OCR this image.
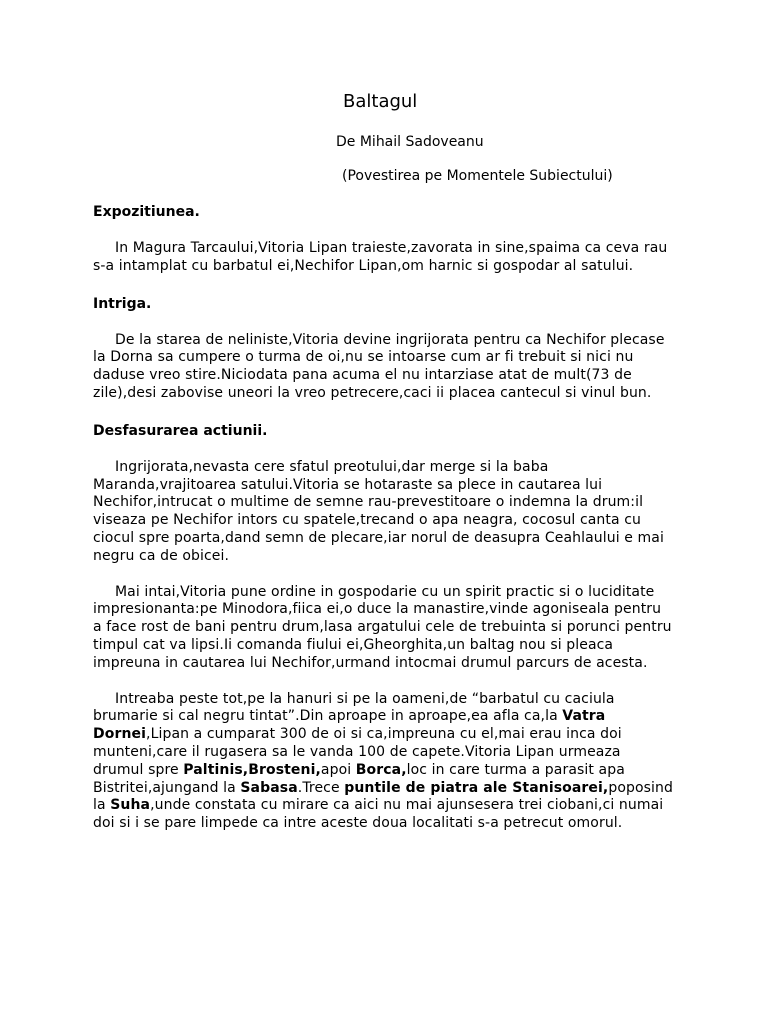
Baltagul
De Mihail Sadoveanu
(Povestirea pe Momentele Subiectului)
Expozitiunea.

In Magura Tarcaului,Vitoria Lipan traieste,zavorata in sine,spaima ca ceva rau s-a intamplat cu barbatul ei,Nechifor Lipan,om harnic si gospodar al satului.

Intriga.

De la starea de neliniste,Vitoria devine ingrijorata pentru ca Nechifor plecase la Dorna sa cumpere o turma de oi,nu se intoarse cum ar fi trebuit si nici nu daduse vreo stire.Niciodata pana acuma el nu intarziase atat de mult(73 de zile),desi zabovise uneori la vreo petrecere,caci ii placea cantecul si vinul bun.

Desfasurarea actiunii.

Ingrijorata,nevasta cere sfatul preotului,dar merge si la baba Maranda,vrajitoarea satului.Vitoria se hotaraste sa plece in cautarea lui Nechifor,intrucat o multime de semne rau-prevestitoare o indemna la drum:il viseaza pe Nechifor intors cu spatele,trecand o apa neagra, cocosul canta cu ciocul spre poarta,dand semn de plecare,iar norul de deasupra Ceahlaului e mai negru ca de obicei.

Mai intai,Vitoria pune ordine in gospodarie cu un spirit practic si o luciditate impresionanta:pe Minodora,fiica ei,o duce la manastire,vinde agoniseala pentru a face rost de bani pentru drum,lasa argatului cele de trebuinta si porunci pentru timpul cat va lipsi.Ii comanda fiului ei,Gheorghita,un baltag nou si pleaca impreuna in cautarea lui Nechifor,urmand intocmai drumul parcurs de acesta.

Intreaba peste tot,pe la hanuri si pe la oameni,de “barbatul cu caciula brumarie si cal negru tintat”.Din aproape in aproape,ea afla ca,la Vatra Dornei,Lipan a cumparat 300 de oi si ca,impreuna cu el,mai erau inca doi munteni,care il rugasera sa le vanda 100 de capete.Vitoria Lipan urmeaza drumul spre Paltinis,Brosteni,apoi Borca,loc in care turma a parasit apa Bistritei,ajungand la Sabasa.Trece puntile de piatra ale Stanisoarei,poposind la Suha,unde constata cu mirare ca aici nu mai ajunsesera trei ciobani,ci numai doi si i se pare limpede ca intre aceste doua localitati s-a petrecut omorul.
